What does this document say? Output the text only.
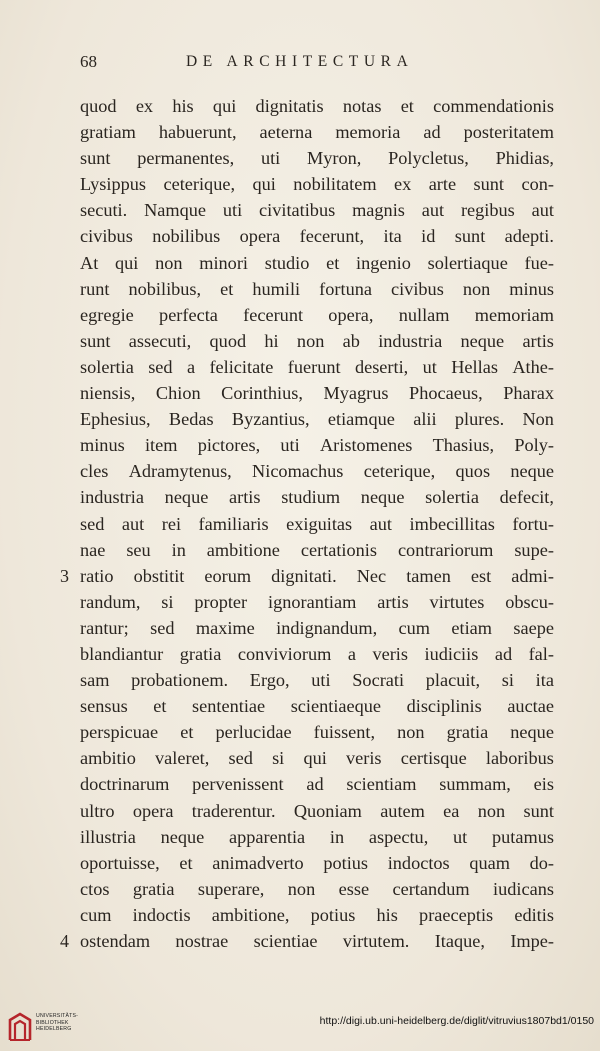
68	DE ARCHITECTURA
quod ex his qui dignitatis notas et commendationis
gratiam habuerunt, aeterna memoria ad posteritatem
sunt permanentes, uti Myron, Polycletus, Phidias,
Lysippus ceterique, qui nobilitatem ex arte sunt con-
secuti. Namque uti civitatibus magnis aut regibus aut
civibus nobilibus opera fecerunt, ita id sunt adepti.
At qui non minori studio et ingenio solertiaque fue-
runt nobilibus, et humili fortuna civibus non minus
egregie perfecta fecerunt opera, nullam memoriam
sunt assecuti, quod hi non ab industria neque artis
solertia sed a felicitate fuerunt deserti, ut Hellas Athe-
niensis, Chion Corinthius, Myagrus Phocaeus, Pharax
Ephesius, Bedas Byzantius, etiamque alii plures. Non
minus item pictores, uti Aristomenes Thasius, Poly-
cles Adramytenus, Nicomachus ceterique, quos neque
industria neque artis studium neque solertia defecit,
sed aut rei familiaris exiguitas aut imbecillitas fortu-
nae seu in ambitione certationis contrariorum supe-
ratio obstitit eorum dignitati. Nec tamen est admi-
randum, si propter ignorantiam artis virtutes obscu-
rantur; sed maxime indignandum, cum etiam saepe
blandiantur gratia conviviorum a veris iudiciis ad fal-
sam probationem. Ergo, uti Socrati placuit, si ita
sensus et sententiae scientiaeque disciplinis auctae
perspicuae et perlucidae fuissent, non gratia neque
ambitio valeret, sed si qui veris certisque laboribus
doctrinarum pervenissent ad scientiam summam, eis
ultro opera traderentur. Quoniam autem ea non sunt
illustria neque apparentia in aspectu, ut putamus
oportuisse, et animadverto potius indoctos quam do-
ctos gratia superare, non esse certandum iudicans
cum indoctis ambitione, potius his praeceptis editis
ostendam nostrae scientiae virtutem. Itaque, Impe-
3
4
UNIVERSITÄTS-
BIBLIOTHEK
HEIDELBERG
http://digi.ub.uni-heidelberg.de/diglit/vitruvius1807bd1/0150
